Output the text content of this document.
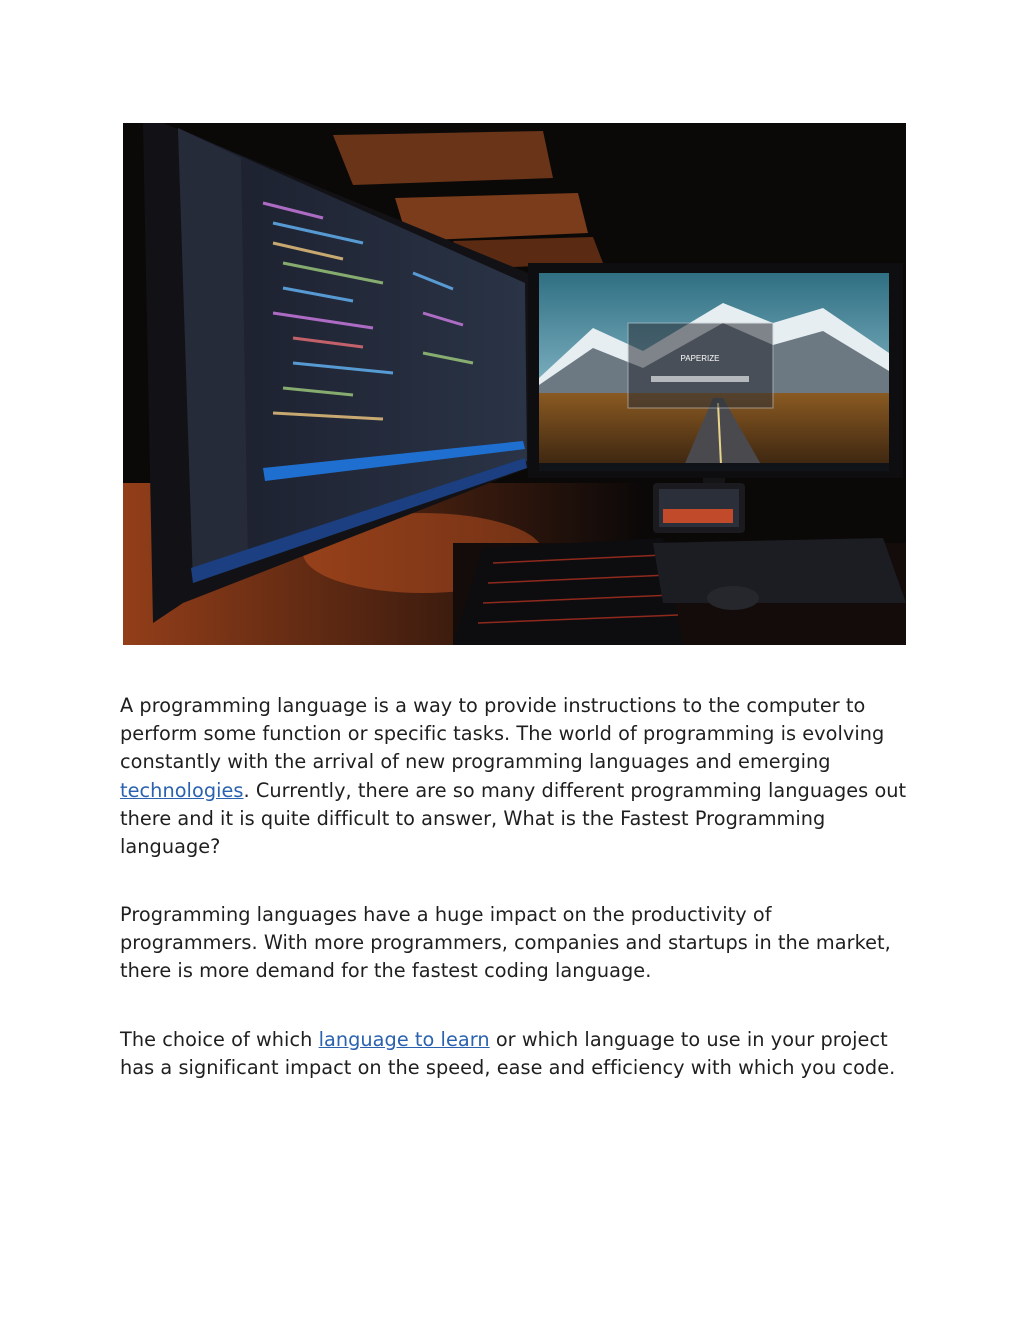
PAPERIZE

A programming language is a way to provide instructions to the computer to perform some function or specific tasks. The world of programming is evolving constantly with the arrival of new programming languages and emerging technologies. Currently, there are so many different programming languages out there and it is quite difficult to answer, What is the Fastest Programming language?

Programming languages have a huge impact on the productivity of programmers. With more programmers, companies and startups in the market, there is more demand for the fastest coding language.

The choice of which language to learn or which language to use in your project has a significant impact on the speed, ease and efficiency with which you code.
